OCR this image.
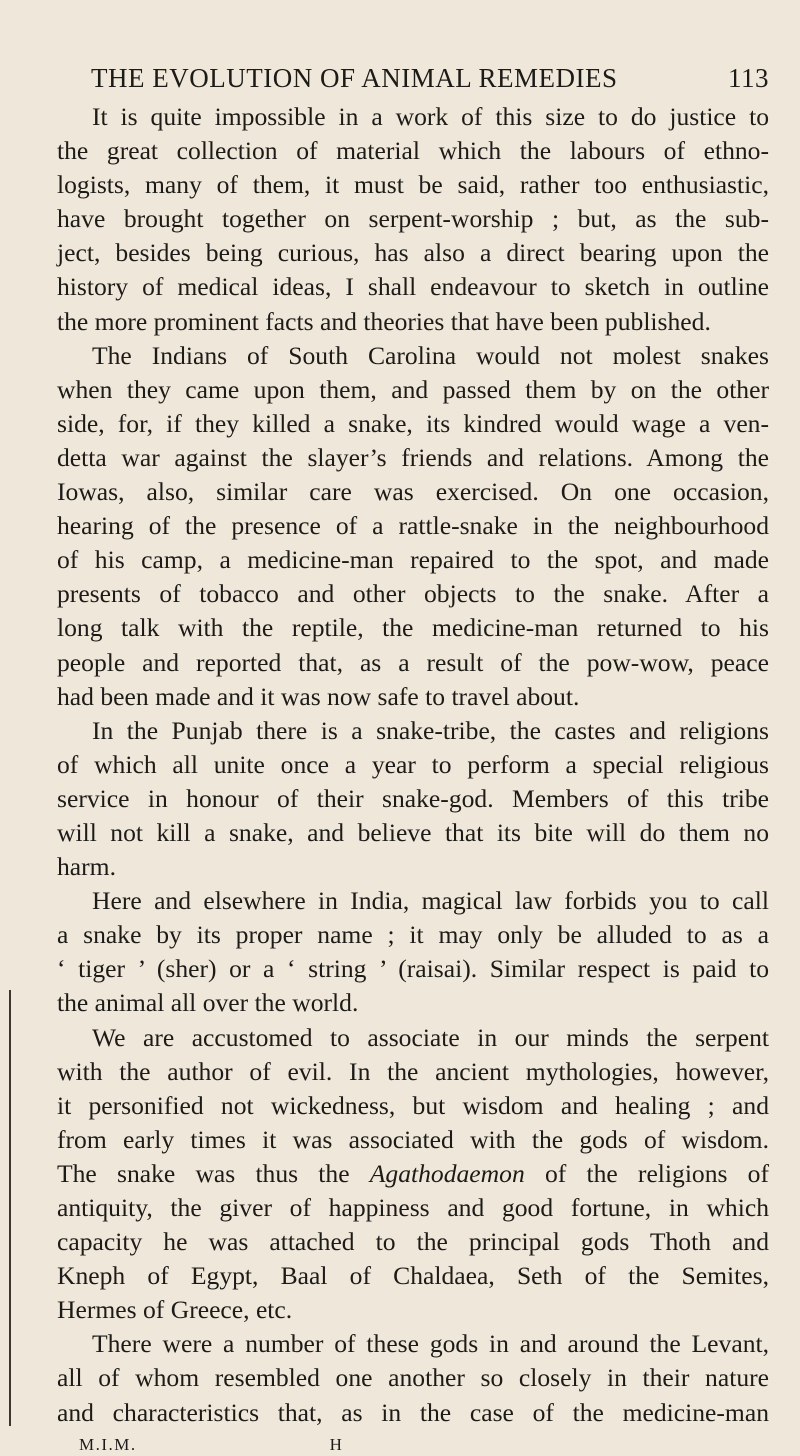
THE EVOLUTION OF ANIMAL REMEDIES	113
It is quite impossible in a work of this size to do justice to
the great collection of material which the labours of ethno-
logists, many of them, it must be said, rather too enthusiastic,
have brought together on serpent-worship ; but, as the sub-
ject, besides being curious, has also a direct bearing upon the
history of medical ideas, I shall endeavour to sketch in outline
the more prominent facts and theories that have been published.
The Indians of South Carolina would not molest snakes
when they came upon them, and passed them by on the other
side, for, if they killed a snake, its kindred would wage a ven-
detta war against the slayer’s friends and relations. Among the
Iowas, also, similar care was exercised. On one occasion,
hearing of the presence of a rattle-snake in the neighbourhood
of his camp, a medicine-man repaired to the spot, and made
presents of tobacco and other objects to the snake. After a
long talk with the reptile, the medicine-man returned to his
people and reported that, as a result of the pow-wow, peace
had been made and it was now safe to travel about.
In the Punjab there is a snake-tribe, the castes and religions
of which all unite once a year to perform a special religious
service in honour of their snake-god. Members of this tribe
will not kill a snake, and believe that its bite will do them no
harm.
Here and elsewhere in India, magical law forbids you to call
a snake by its proper name ; it may only be alluded to as a
‘ tiger ’ (sher) or a ‘ string ’ (raisai). Similar respect is paid to
the animal all over the world.
We are accustomed to associate in our minds the serpent
with the author of evil. In the ancient mythologies, however,
it personified not wickedness, but wisdom and healing ; and
from early times it was associated with the gods of wisdom.
The snake was thus the Agathodaemon of the religions of
antiquity, the giver of happiness and good fortune, in which
capacity he was attached to the principal gods Thoth and
Kneph of Egypt, Baal of Chaldaea, Seth of the Semites,
Hermes of Greece, etc.
There were a number of these gods in and around the Levant,
all of whom resembled one another so closely in their nature
and characteristics that, as in the case of the medicine-man
M.I.M.	H
